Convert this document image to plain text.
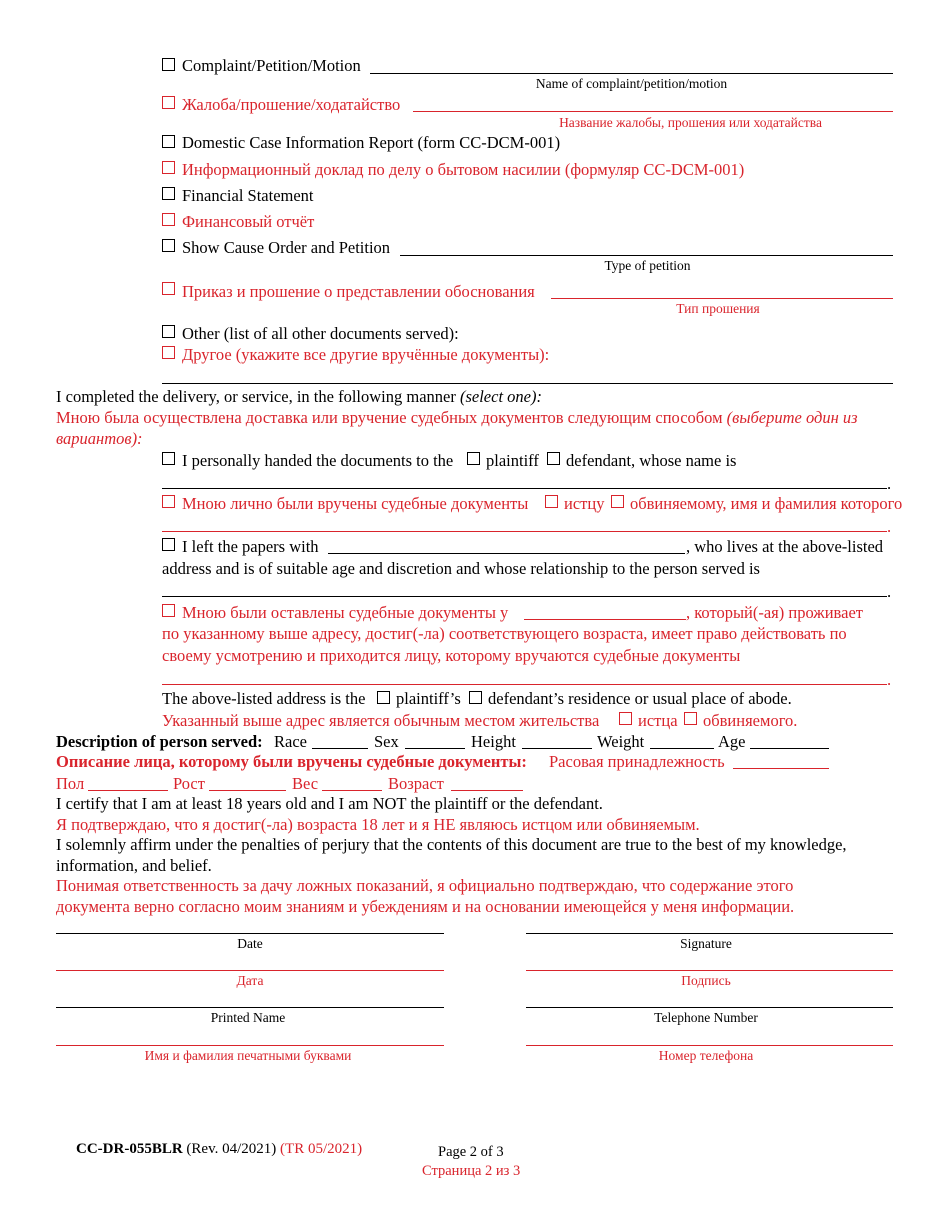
Complaint/Petition/Motion
Name of complaint/petition/motion
Жалоба/прошение/ходатайство
Название жалобы, прошения или ходатайства
Domestic Case Information Report (form CC-DCM-001)
Информационный доклад по делу о бытовом насилии (формуляр CC-DCM-001)
Financial Statement
Финансовый отчёт
Show Cause Order and Petition
Type of petition
Приказ и прошение о представлении обоснования
Тип прошения
Other (list of all other documents served):
Другое (укажите все другие вручённые документы):
I completed the delivery, or service, in the following manner (select one):
Мною была осуществлена доставка или вручение судебных документов следующим способом (выберите один из
вариантов):
I personally handed the documents to the plaintiff defendant, whose name is
.
Мною лично были вручены судебные документы истцу обвиняемому, имя и фамилия которого
.
I left the papers with	, who lives at the above-listed
address and is of suitable age and discretion and whose relationship to the person served is
.
Мною были оставлены судебные документы у	, который(-ая) проживает
по указанному выше адресу, достиг(-ла) соответствующего возраста, имеет право действовать по
своему усмотрению и приходится лицу, которому вручаются судебные документы
.
The above-listed address is the plaintiff’s defendant’s residence or usual place of abode.
Указанный выше адрес является обычным местом жительства истца обвиняемого.
Description of person served: Race	Sex	Height	Weight	Age
Описание лица, которому были вручены судебные документы: Расовая принадлежность
Пол	Рост	Вес	Возраст
I certify that I am at least 18 years old and I am NOT the plaintiff or the defendant.
Я подтверждаю, что я достиг(-ла) возраста 18 лет и я НЕ являюсь истцом или обвиняемым.
I solemnly affirm under the penalties of perjury that the contents of this document are true to the best of my knowledge,
information, and belief.
Понимая ответственность за дачу ложных показаний, я официально подтверждаю, что содержание этого
документа верно согласно моим знаниям и убеждениям и на основании имеющейся у меня информации.
Date
Дата
Signature
Подпись
Printed Name
Имя и фамилия печатными буквами
Telephone Number
Номер телефона
CC-DR-055BLR (Rev. 04/2021) (TR 05/2021)	Page 2 of 3
Страница 2 из 3
